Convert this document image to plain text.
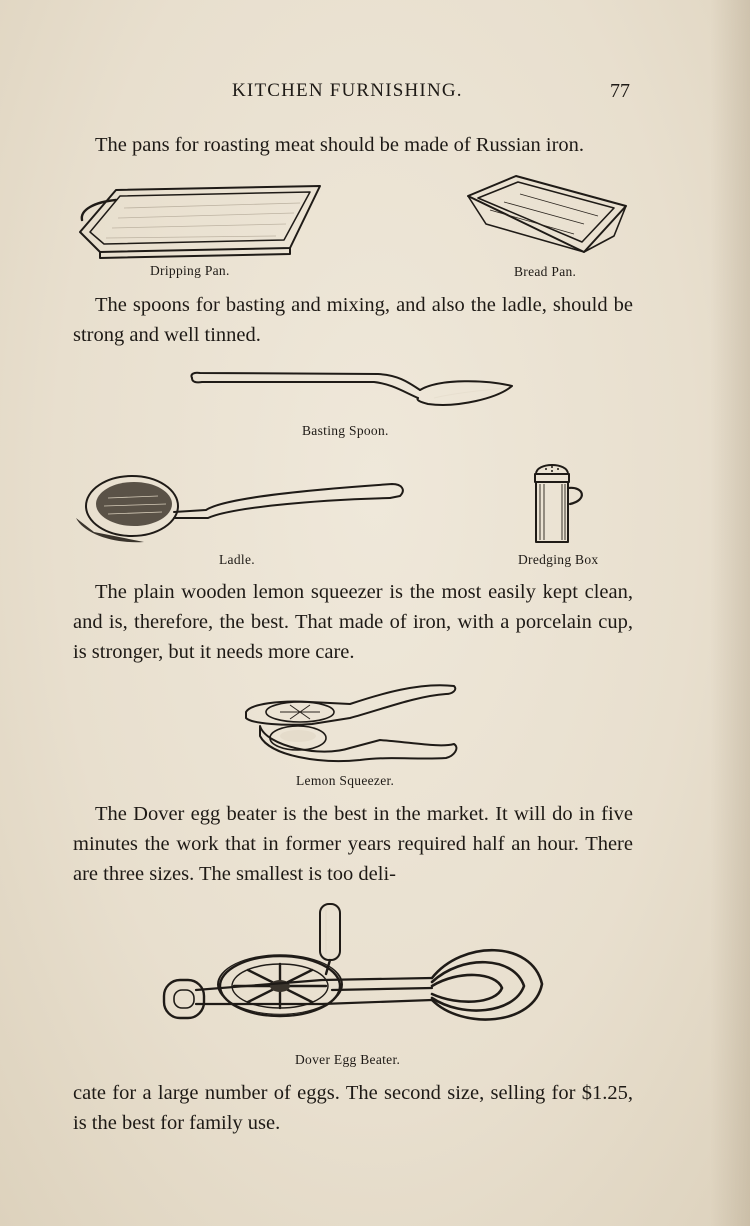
KITCHEN FURNISHING.	77
The pans for roasting meat should be made of Russian iron.
Dripping Pan.	Bread Pan.
The spoons for basting and mixing, and also the ladle, should be strong and well tinned.
Basting Spoon.
Ladle.	Dredging Box
The plain wooden lemon squeezer is the most easily kept clean, and is, therefore, the best. That made of iron, with a porcelain cup, is stronger, but it needs more care.
Lemon Squeezer.
The Dover egg beater is the best in the market. It will do in five minutes the work that in former years required half an hour. There are three sizes. The smallest is too deli-
Dover Egg Beater.
cate for a large number of eggs. The second size, selling for $1.25, is the best for family use.
